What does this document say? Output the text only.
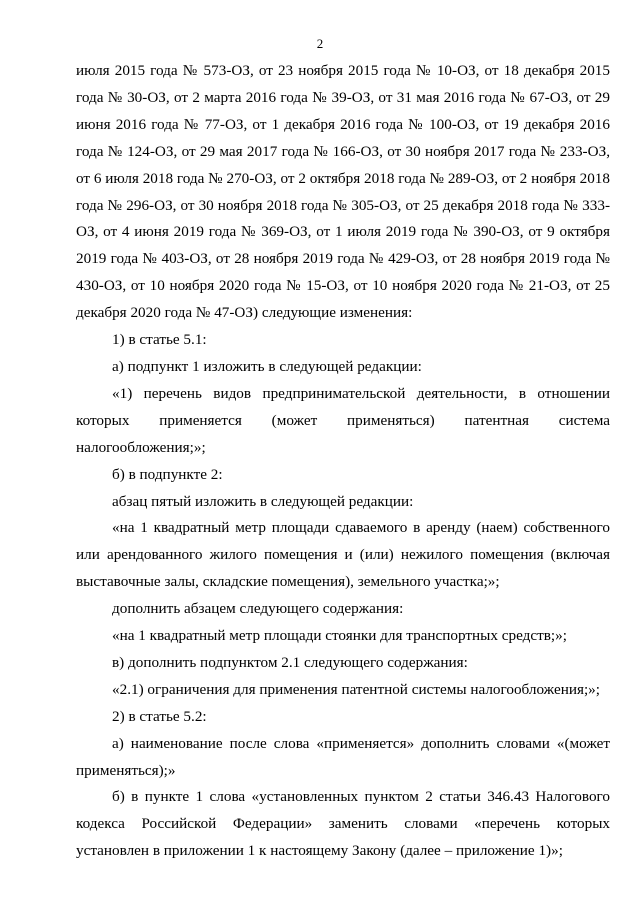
2

июля 2015 года № 573-ОЗ, от 23 ноября 2015 года № 10-ОЗ, от 18 декабря 2015 года № 30-ОЗ, от 2 марта 2016 года № 39-ОЗ, от 31 мая 2016 года № 67-ОЗ, от 29 июня 2016 года № 77-ОЗ, от 1 декабря 2016 года № 100-ОЗ, от 19 декабря 2016 года № 124-ОЗ, от 29 мая 2017 года № 166-ОЗ, от 30 ноября 2017 года № 233-ОЗ, от 6 июля 2018 года № 270-ОЗ, от 2 октября 2018 года № 289-ОЗ, от 2 ноября 2018 года № 296-ОЗ, от 30 ноября 2018 года № 305-ОЗ, от 25 декабря 2018 года № 333-ОЗ, от 4 июня 2019 года № 369-ОЗ, от 1 июля 2019 года № 390-ОЗ, от 9 октября 2019 года № 403-ОЗ, от 28 ноября 2019 года № 429-ОЗ, от 28 ноября 2019 года № 430-ОЗ, от 10 ноября 2020 года № 15-ОЗ, от 10 ноября 2020 года № 21-ОЗ, от 25 декабря 2020 года № 47-ОЗ) следующие изменения:

1) в статье 5.1:

а) подпункт 1 изложить в следующей редакции:

«1) перечень видов предпринимательской деятельности, в отношении которых применяется (может применяться) патентная система налогообложения;»;

б) в подпункте 2:

абзац пятый изложить в следующей редакции:

«на 1 квадратный метр площади сдаваемого в аренду (наем) собственного или арендованного жилого помещения и (или) нежилого помещения (включая выставочные залы, складские помещения), земельного участка;»;

дополнить абзацем следующего содержания:

«на 1 квадратный метр площади стоянки для транспортных средств;»;

в) дополнить подпунктом 2.1 следующего содержания:

«2.1) ограничения для применения патентной системы налогообложения;»;

2) в статье 5.2:

а) наименование после слова «применяется» дополнить словами «(может применяться);»

б) в пункте 1 слова «установленных пунктом 2 статьи 346.43 Налогового кодекса Российской Федерации» заменить словами «перечень которых установлен в приложении 1 к настоящему Закону (далее – приложение 1)»;
